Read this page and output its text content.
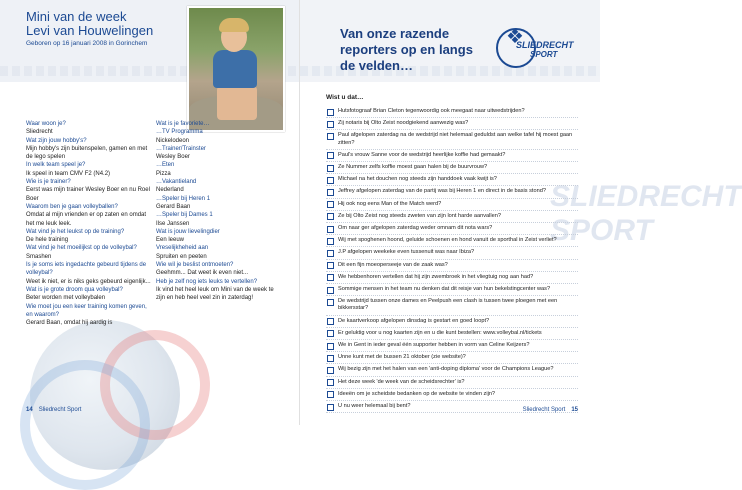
Mini van de week
Levi van Houwelingen
Geboren op 16 januari 2008 in Gorinchem
Waar woon je?
Sliedrecht
Wat zijn jouw hobby's?
Mijn hobby's zijn buitenspelen, gamen en met de lego spelen
In welk team speel je?
Ik speel in team CMV F2 (N4.2)
Wie is je trainer?
Eerst was mijn trainer Wesley Boer en nu Roel Boer
Waarom ben je gaan volleyballen?
Omdat al mijn vrienden er op zaten en omdat het me leuk leek.
Wat vind je het leukst op de training?
De hele training
Wat vind je het moeilijkst op de volleybal?
Smashen
Is je soms iets ingedachte gebeurd tijdens de volleybal?
Weet ik niet, er is niks geks gebeurd eigenlijk...
Wat is je grote droom qua volleybal?
Beter worden met volleybalen
Wie moet jou een keer training komen geven, en waarom?
Gerard Baan, omdat hij aardig is
Wat is je favoriete…
…TV Programma
Nickelodeon
…Trainer/Trainster
Wesley Boer
…Eten
Pizza
…Vakantieland
Nederland
…Speler bij Heren 1
Gerard Baan
…Speler bij Dames 1
Ilse Janssen
Wat is jouw lievelingdier
Een leeuw
Vreselijkheheid aan
Spruiten en peeten
Wie wil je beslist ontmoeten?
Geehmm... Dat weet ik even niet...
Heb je zelf nog iets leuks te vertellen?
Ik vind het heel leuk om Mini van de week te zijn en heb heel veel zin in zaterdag!
14 Sliedrecht Sport
Van onze razende reporters op en langs de velden…
❖
SLIEDRECHT
SPORT
SLIEDRECHT SPORT
Wist u dat…
Hutsfotograaf Brian Cleton tegenwoordig ook meegaat naar uitwedstrijden?
Zij notaris bij Olto Zeist noodgiekend aanwezig was?
Paul afgelopen zaterdag na de wedstrijd niet helemaal geduldst aan welke tafel hij moest gaan zitten?
Paul's vrouw Sanne voor de wedstrijd heerlijke koffie had gemaakt?
Ze Nummer zelfs koffie moest gaan halen bij de buurvrouw?
Michael na het douchen nog steeds zijn handdoek vaak kwijt is?
Jeffrey afgelopen zaterdag van de partij was bij Heren 1 en direct in de basis stond?
Hij ook nog eens Man of the Match werd?
Ze bij Olto Zeist nog steeds zweten van zijn lont harde aanvallen?
Om naar ger afgelopen zaterdag weder omnam dit nota wars?
Wij met spoghenen hoond, geluide schoenen en hond vanuit de sporthal in Zeist verliet?
J.P afgelopen weekeke even tussenuit was naar Ibiza?
Dit een fijn moeoperseeje van de zaak was?
We hebbenhoren vertellen dat hij zijn zwembroek in het vliegtuig nog aan had?
Sommige mensen in het team nu denken dat dit reisje van hun bekelstingcenter was?
De wedstrijd tussen onze dames en Peelpush een clash is tussen twee ploegen met een bikkersstar?
De kaartverkoop afgelopen dinsdag is gestart en goed loopt?
Er geluktig voor u nog kaarten zijn en u die kunt bestellen: www.volleybal.nl/tickets
We in Gent in ieder geval één supporter hebben in vorm van Celine Keijzers?
Unne kunt met de bussen 21 oktober (zie website)?
Wij bezig zijn met het halen van een 'anti-doping diploma' voor de Champions League?
Het deze week 'de week van de scheidsrechter' is?
Ideeën om je scheidste bedanken op de website te vinden zijn?
U nu weer helemaal bij bent?
Sliedrecht Sport 15
